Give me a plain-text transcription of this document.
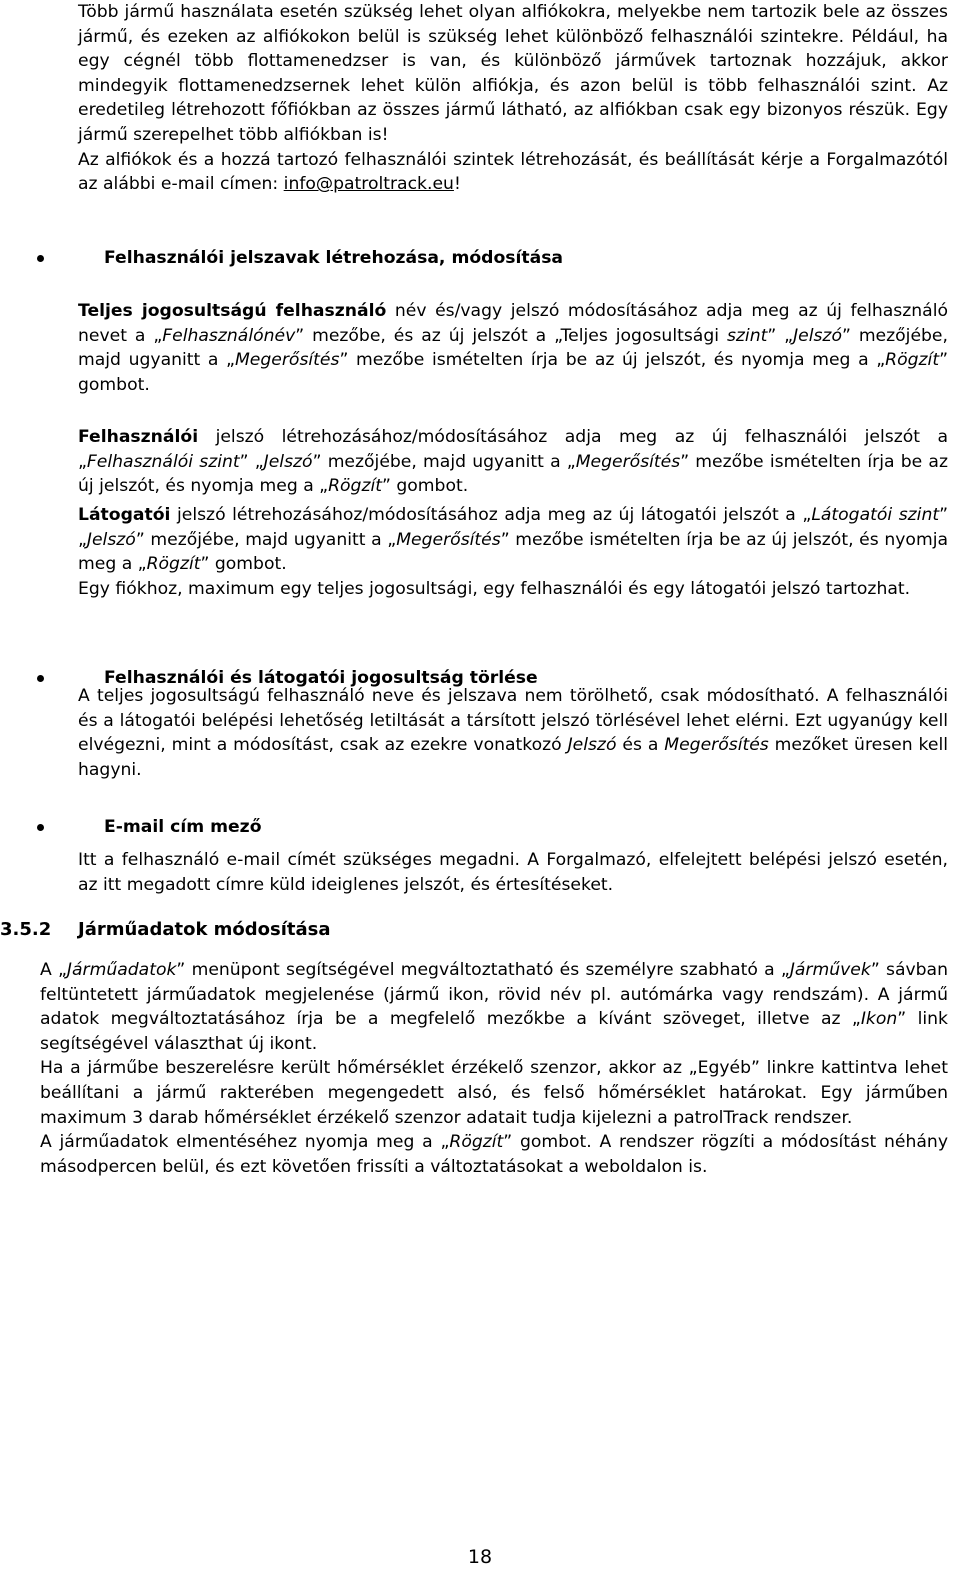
Több jármű használata esetén szükség lehet olyan alfiókokra, melyekbe nem tartozik bele az összes jármű, és ezeken az alfiókokon belül is szükség lehet különböző felhasználói szintekre. Például, ha egy cégnél több flottamenedzser is van, és különböző járművek tartoznak hozzájuk, akkor mindegyik flottamenedzsernek lehet külön alfiókja, és azon belül is több felhasználói szint. Az eredetileg létrehozott főfiókban az összes jármű látható, az alfiókban csak egy bizonyos részük. Egy jármű szerepelhet több alfiókban is!

Az alfiókok és a hozzá tartozó felhasználói szintek létrehozását, és beállítását kérje a Forgalmazótól az alábbi e-mail címen: info@patroltrack.eu!

Felhasználói jelszavak létrehozása, módosítása

Teljes jogosultságú felhasználó név és/vagy jelszó módosításához adja meg az új felhasználó nevet a „Felhasználónév” mezőbe, és az új jelszót a „Teljes jogosultsági szint” „Jelszó” mezőjébe, majd ugyanitt a „Megerősítés” mezőbe ismételten írja be az új jelszót, és nyomja meg a „Rögzít” gombot.

Felhasználói jelszó létrehozásához/módosításához adja meg az új felhasználói jelszót a „Felhasználói szint” „Jelszó” mezőjébe, majd ugyanitt a „Megerősítés” mezőbe ismételten írja be az új jelszót, és nyomja meg a „Rögzít” gombot.

Látogatói jelszó létrehozásához/módosításához adja meg az új látogatói jelszót a „Látogatói szint” „Jelszó” mezőjébe, majd ugyanitt a „Megerősítés” mezőbe ismételten írja be az új jelszót, és nyomja meg a „Rögzít” gombot.

Egy fiókhoz, maximum egy teljes jogosultsági, egy felhasználói és egy látogatói jelszó tartozhat.

Felhasználói és látogatói jogosultság törlése

A teljes jogosultságú felhasználó neve és jelszava nem törölhető, csak módosítható. A felhasználói és a látogatói belépési lehetőség letiltását a társított jelszó törlésével lehet elérni. Ezt ugyanúgy kell elvégezni, mint a módosítást, csak az ezekre vonatkozó Jelszó és a Megerősítés mezőket üresen kell hagyni.

E-mail cím mező

Itt a felhasználó e-mail címét szükséges megadni. A Forgalmazó, elfelejtett belépési jelszó esetén, az itt megadott címre küld ideiglenes jelszót, és értesítéseket.

3.5.2 Járműadatok módosítása

A „Járműadatok” menüpont segítségével megváltoztatható és személyre szabható a „Járművek” sávban feltüntetett járműadatok megjelenése (jármű ikon, rövid név pl. autómárka vagy rendszám). A jármű adatok megváltoztatásához írja be a megfelelő mezőkbe a kívánt szöveget, illetve az „Ikon” link segítségével választhat új ikont.

Ha a járműbe beszerelésre került hőmérséklet érzékelő szenzor, akkor az „Egyéb” linkre kattintva lehet beállítani a jármű rakterében megengedett alsó, és felső hőmérséklet határokat. Egy járműben maximum 3 darab hőmérséklet érzékelő szenzor adatait tudja kijelezni a patrolTrack rendszer.

A járműadatok elmentéséhez nyomja meg a „Rögzít” gombot. A rendszer rögzíti a módosítást néhány másodpercen belül, és ezt követően frissíti a változtatásokat a weboldalon is.

18
